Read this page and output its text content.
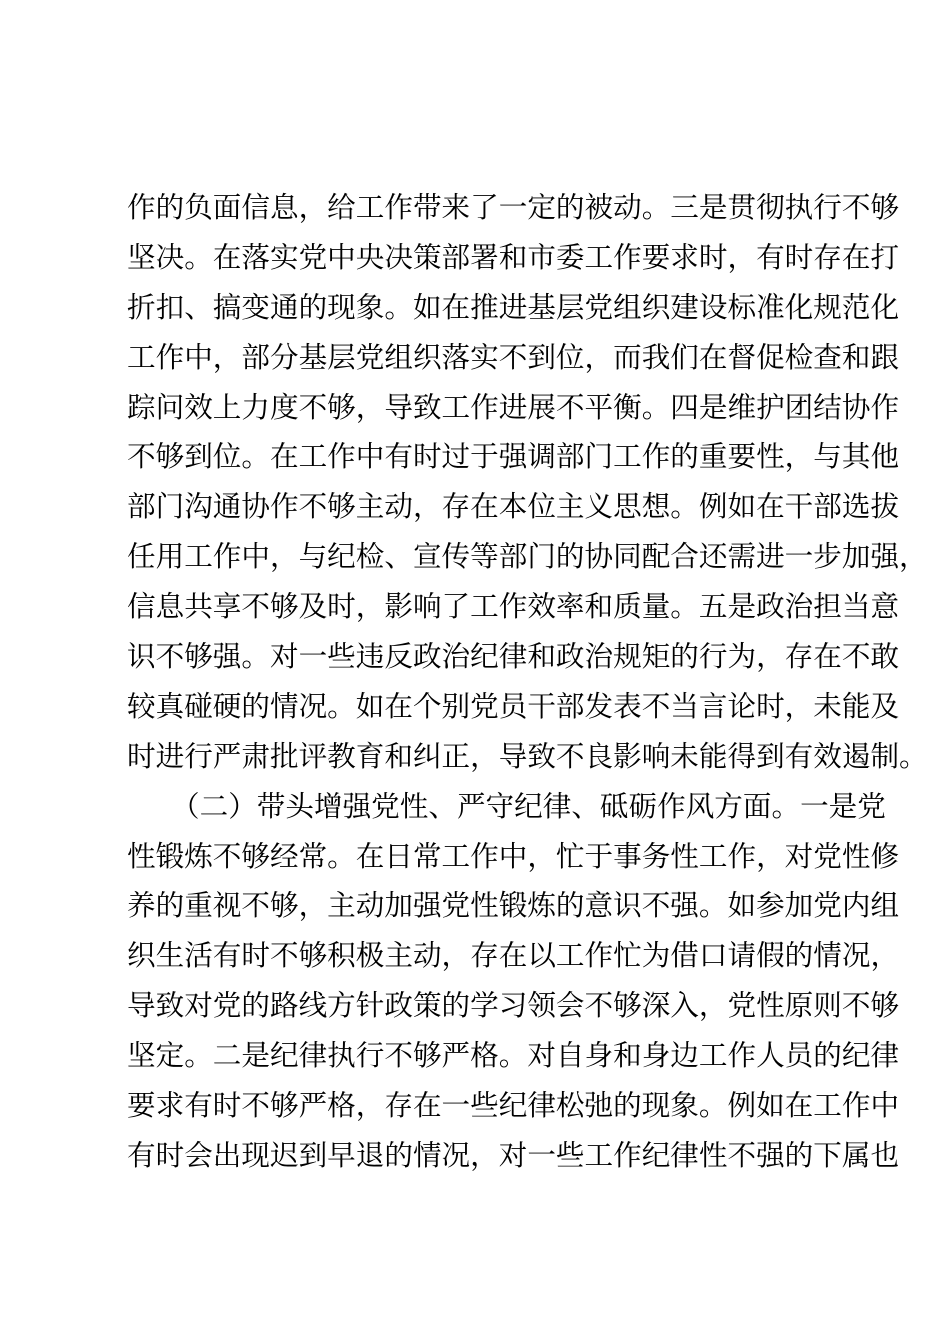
作的负面信息，给工作带来了一定的被动。三是贯彻执行不够
坚决。在落实党中央决策部署和市委工作要求时，有时存在打
折扣、搞变通的现象。如在推进基层党组织建设标准化规范化
工作中，部分基层党组织落实不到位，而我们在督促检查和跟
踪问效上力度不够，导致工作进展不平衡。四是维护团结协作
不够到位。在工作中有时过于强调部门工作的重要性，与其他
部门沟通协作不够主动，存在本位主义思想。例如在干部选拔
任用工作中，与纪检、宣传等部门的协同配合还需进一步加强，
信息共享不够及时，影响了工作效率和质量。五是政治担当意
识不够强。对一些违反政治纪律和政治规矩的行为，存在不敢
较真碰硬的情况。如在个别党员干部发表不当言论时，未能及
时进行严肃批评教育和纠正，导致不良影响未能得到有效遏制。
（二）带头增强党性、严守纪律、砥砺作风方面。一是党
性锻炼不够经常。在日常工作中，忙于事务性工作，对党性修
养的重视不够，主动加强党性锻炼的意识不强。如参加党内组
织生活有时不够积极主动，存在以工作忙为借口请假的情况，
导致对党的路线方针政策的学习领会不够深入，党性原则不够
坚定。二是纪律执行不够严格。对自身和身边工作人员的纪律
要求有时不够严格，存在一些纪律松弛的现象。例如在工作中
有时会出现迟到早退的情况，对一些工作纪律性不强的下属也
